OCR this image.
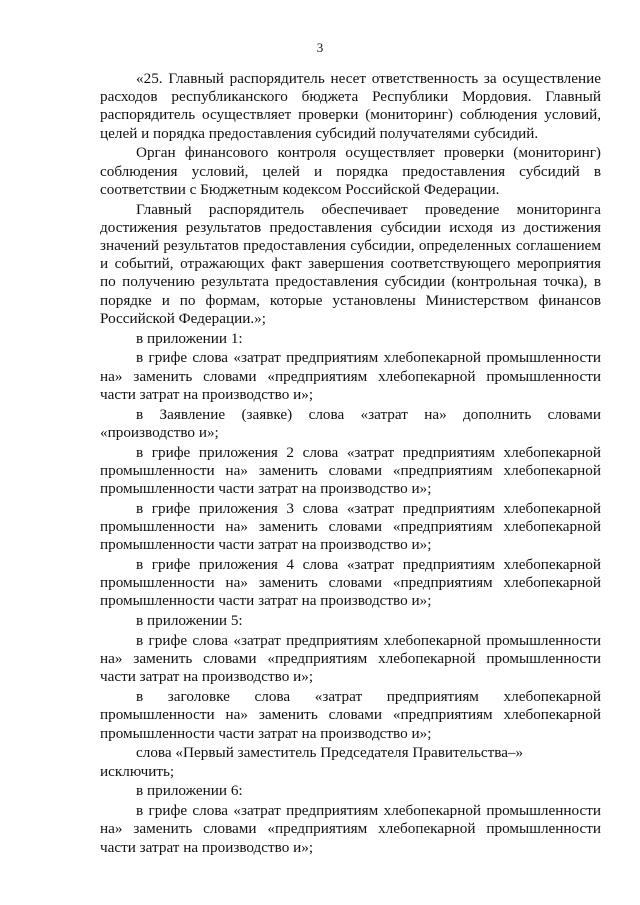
3

«25. Главный распорядитель несет ответственность за осуществление расходов республиканского бюджета Республики Мордовия. Главный распорядитель осуществляет проверки (мониторинг) соблюдения условий, целей и порядка предоставления субсидий получателями субсидий.

Орган финансового контроля осуществляет проверки (мониторинг) соблюдения условий, целей и порядка предоставления субсидий в соответствии с Бюджетным кодексом Российской Федерации.

Главный распорядитель обеспечивает проведение мониторинга достижения результатов предоставления субсидии исходя из достижения значений результатов предоставления субсидии, определенных соглашением и событий, отражающих факт завершения соответствующего мероприятия по получению результата предоставления субсидии (контрольная точка), в порядке и по формам, которые установлены Министерством финансов Российской Федерации.»;

в приложении 1:

в грифе слова «затрат предприятиям хлебопекарной промышленности на» заменить словами «предприятиям хлебопекарной промышленности части затрат на производство и»;

в Заявление (заявке) слова «затрат на» дополнить словами «производство и»;

в грифе приложения 2 слова «затрат предприятиям хлебопекарной промышленности на» заменить словами «предприятиям хлебопекарной промышленности части затрат на производство и»;

в грифе приложения 3 слова «затрат предприятиям хлебопекарной промышленности на» заменить словами «предприятиям хлебопекарной промышленности части затрат на производство и»;

в грифе приложения 4 слова «затрат предприятиям хлебопекарной промышленности на» заменить словами «предприятиям хлебопекарной промышленности части затрат на производство и»;

в приложении 5:

в грифе слова «затрат предприятиям хлебопекарной промышленности на» заменить словами «предприятиям хлебопекарной промышленности части затрат на производство и»;

в заголовке слова «затрат предприятиям хлебопекарной промышленности на» заменить словами «предприятиям хлебопекарной промышленности части затрат на производство и»;

слова «Первый заместитель Председателя Правительства–» исключить;

в приложении 6:

в грифе слова «затрат предприятиям хлебопекарной промышленности на» заменить словами «предприятиям хлебопекарной промышленности части затрат на производство и»;
